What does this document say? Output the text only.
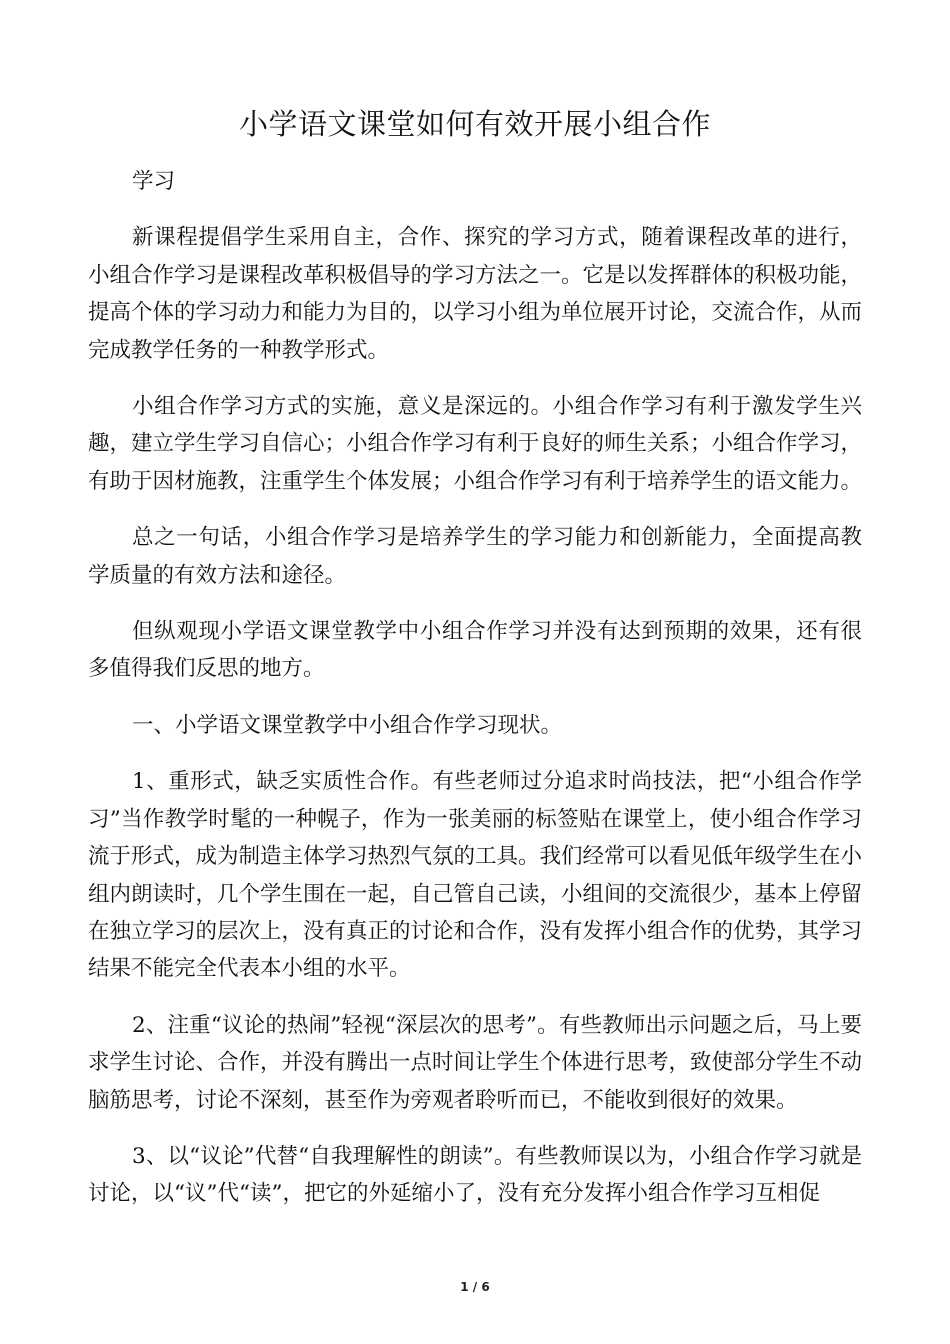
小学语文课堂如何有效开展小组合作

学习

新课程提倡学生采用自主，合作、探究的学习方式，随着课程改革的进行，小组合作学习是课程改革积极倡导的学习方法之一。它是以发挥群体的积极功能，提高个体的学习动力和能力为目的，以学习小组为单位展开讨论，交流合作，从而完成教学任务的一种教学形式。

小组合作学习方式的实施，意义是深远的。小组合作学习有利于激发学生兴趣，建立学生学习自信心；小组合作学习有利于良好的师生关系；小组合作学习，有助于因材施教，注重学生个体发展；小组合作学习有利于培养学生的语文能力。

总之一句话，小组合作学习是培养学生的学习能力和创新能力，全面提高教学质量的有效方法和途径。

但纵观现小学语文课堂教学中小组合作学习并没有达到预期的效果，还有很多值得我们反思的地方。

一、小学语文课堂教学中小组合作学习现状。

1、重形式，缺乏实质性合作。有些老师过分追求时尚技法，把“小组合作学习”当作教学时髦的一种幌子，作为一张美丽的标签贴在课堂上，使小组合作学习流于形式，成为制造主体学习热烈气氛的工具。我们经常可以看见低年级学生在小组内朗读时，几个学生围在一起，自己管自己读，小组间的交流很少，基本上停留在独立学习的层次上，没有真正的讨论和合作，没有发挥小组合作的优势，其学习结果不能完全代表本小组的水平。

2、注重“议论的热闹”轻视“深层次的思考”。有些教师出示问题之后，马上要求学生讨论、合作，并没有腾出一点时间让学生个体进行思考，致使部分学生不动脑筋思考，讨论不深刻，甚至作为旁观者聆听而已，不能收到很好的效果。

3、以“议论”代替“自我理解性的朗读”。有些教师误以为，小组合作学习就是讨论，以“议”代“读”，把它的外延缩小了，没有充分发挥小组合作学习互相促

1 / 6
